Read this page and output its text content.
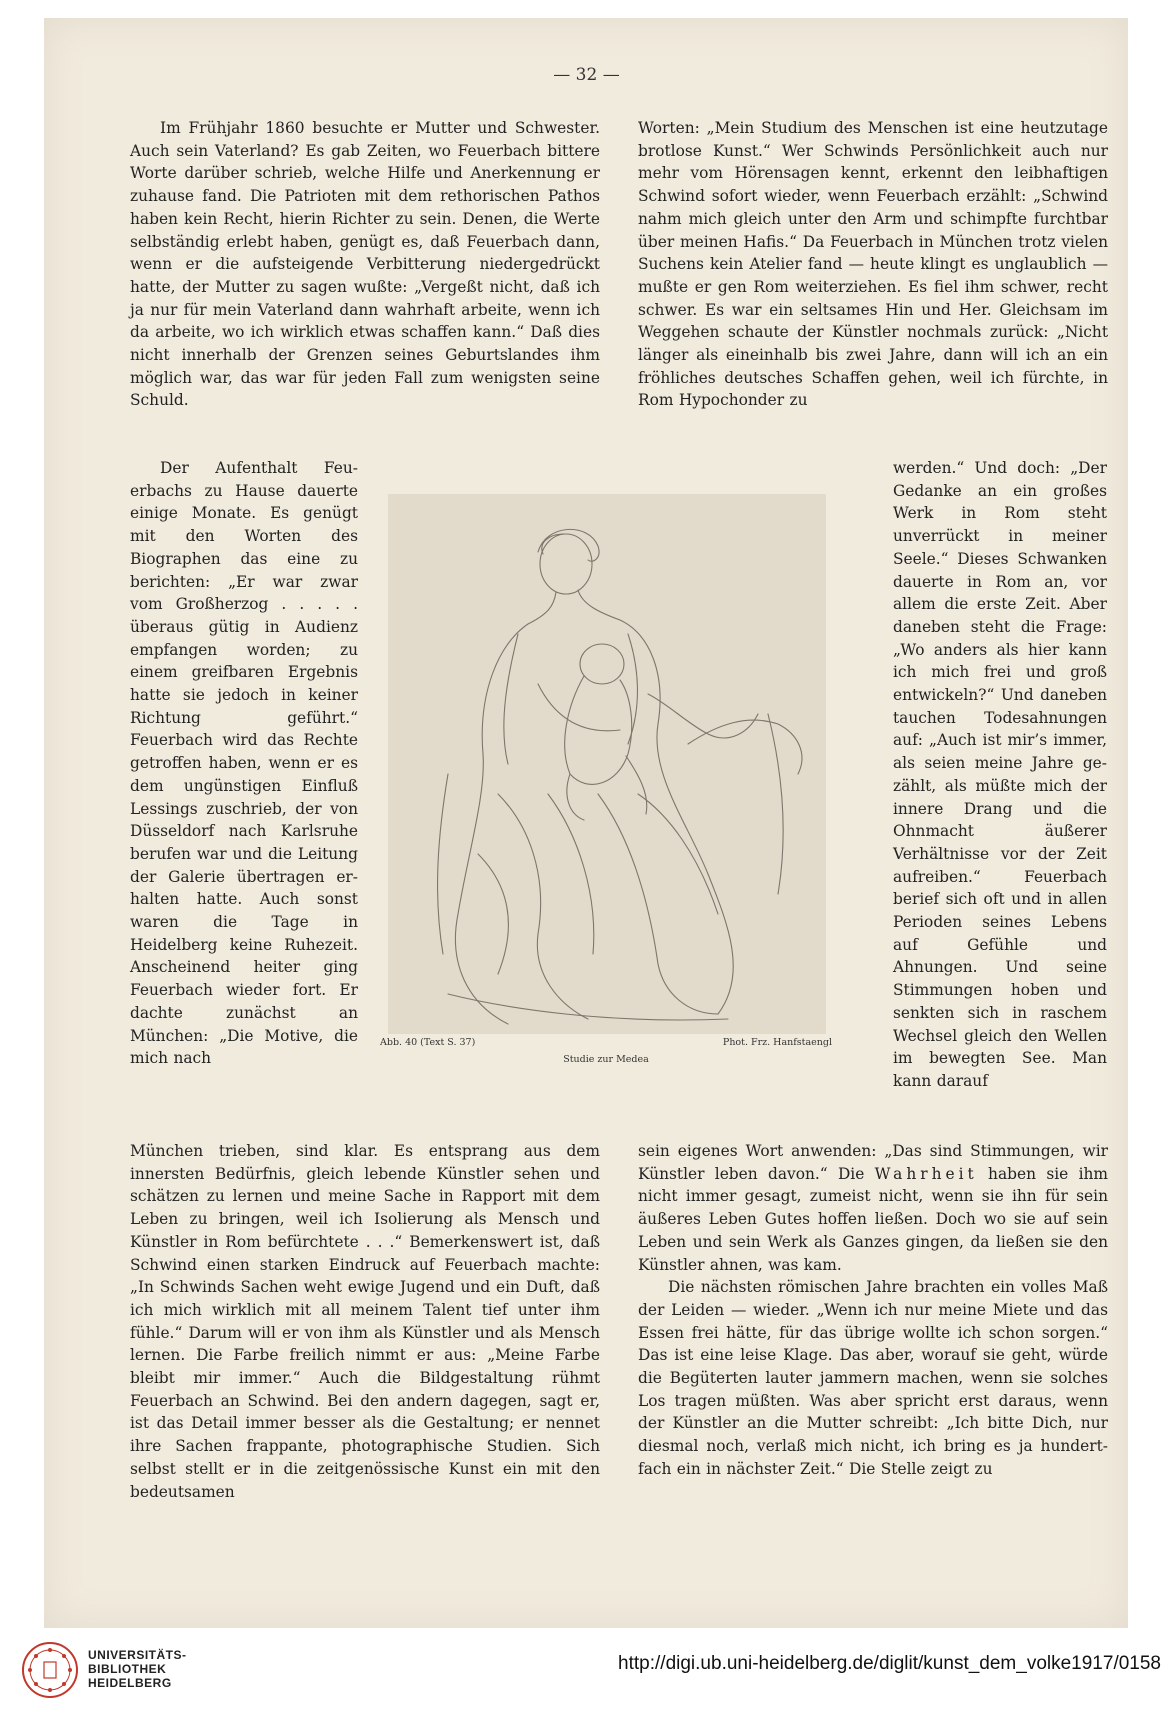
— 32 —

Im Frühjahr 1860 besuchte er Mutter und Schwester. Auch sein Vaterland? Es gab Zeiten, wo Feuerbach bittere Worte darüber schrieb, welche Hilfe und Anerkennung er zuhause fand. Die Patrioten mit dem rethorischen Pathos haben kein Recht, hierin Richter zu sein. Denen, die Werte selbständig erlebt haben, genügt es, daß Feuerbach dann, wenn er die aufsteigende Verbitterung niedergedrückt hatte, der Mutter zu sagen wußte: „Vergeßt nicht, daß ich ja nur für mein Vaterland dann wahrhaft arbeite, wenn ich da arbeite, wo ich wirklich etwas schaffen kann.“ Daß dies nicht innerhalb der Grenzen seines Geburtslandes ihm möglich war, das war für jeden Fall zum wenigsten seine Schuld.

Der Aufenthalt Feuerbachs zu Hause dauerte einige Monate. Es genügt mit den Worten des Biographen das eine zu berichten: „Er war zwar vom Großherzog . . . . . überaus gütig in Audienz empfangen worden; zu einem greifbaren Ergebnis hatte sie jedoch in keiner Richtung geführt.“ Feuerbach wird das Rechte getroffen haben, wenn er es dem ungünstigen Einfluß Lessings zuschrieb, der von Düsseldorf nach Karlsruhe berufen war und die Leitung der Galerie übertragen erhalten hatte. Auch sonst waren die Tage in Heidelberg keine Ruhezeit. Anscheinend heiter ging Feuerbach wieder fort. Er dachte zunächst an München: „Die Motive, die mich nach

München trieben, sind klar. Es entsprang aus dem innersten Bedürfnis, gleich lebende Künstler sehen und schätzen zu lernen und meine Sache in Rapport mit dem Leben zu bringen, weil ich Isolierung als Mensch und Künstler in Rom befürchtete . . .“ Bemerkenswert ist, daß Schwind einen starken Eindruck auf Feuerbach machte: „In Schwinds Sachen weht ewige Jugend und ein Duft, daß ich mich wirklich mit all meinem Talent tief unter ihm fühle.“ Darum will er von ihm als Künstler und als Mensch lernen. Die Farbe freilich nimmt er aus: „Meine Farbe bleibt mir immer.“ Auch die Bildgestaltung rühmt Feuerbach an Schwind. Bei den andern dagegen, sagt er, ist das Detail immer besser als die Gestaltung; er nennet ihre Sachen frappante, photographische Studien. Sich selbst stellt er in die zeitgenössische Kunst ein mit den bedeutsamen

Worten: „Mein Studium des Menschen ist eine heutzutage brotlose Kunst.“ Wer Schwinds Persönlichkeit auch nur mehr vom Hörensagen kennt, erkennt den leibhaftigen Schwind sofort wieder, wenn Feuerbach erzählt: „Schwind nahm mich gleich unter den Arm und schimpfte furchtbar über meinen Hafis.“ Da Feuerbach in München trotz vielen Suchens kein Atelier fand — heute klingt es unglaublich — mußte er gen Rom weiterziehen. Es fiel ihm schwer, recht schwer. Es war ein seltsames Hin und Her. Gleichsam im Weggehen schaute der Künstler nochmals zurück: „Nicht länger als eineinhalb bis zwei Jahre, dann will ich an ein fröhliches deutsches Schaffen gehen, weil ich fürchte, in Rom Hypochonder zu

werden.“ Und doch: „Der Gedanke an ein großes Werk in Rom steht unverrückt in meiner Seele.“ Dieses Schwanken dauerte in Rom an, vor allem die erste Zeit. Aber daneben steht die Frage: „Wo anders als hier kann ich mich frei und groß entwickeln?“ Und daneben tauchen Todesahnungen auf: „Auch ist mir’s immer, als seien meine Jahre gezählt, als müßte mich der innere Drang und die Ohnmacht äußerer Verhältnisse vor der Zeit aufreiben.“ Feuerbach berief sich oft und in allen Perioden seines Lebens auf Gefühle und Ahnungen. Und seine Stimmungen hoben und senkten sich in raschem Wechsel gleich den Wellen im bewegten See. Man kann darauf

sein eigenes Wort anwenden: „Das sind Stimmungen, wir Künstler leben davon.“ Die Wahrheit haben sie ihm nicht immer gesagt, zumeist nicht, wenn sie ihn für sein äußeres Leben Gutes hoffen ließen. Doch wo sie auf sein Leben und sein Werk als Ganzes gingen, da ließen sie den Künstler ahnen, was kam.

Die nächsten römischen Jahre brachten ein volles Maß der Leiden — wieder. „Wenn ich nur meine Miete und das Essen frei hätte, für das übrige wollte ich schon sorgen.“ Das ist eine leise Klage. Das aber, worauf sie geht, würde die Begüterten lauter jammern machen, wenn sie solches Los tragen müßten. Was aber spricht erst daraus, wenn der Künstler an die Mutter schreibt: „Ich bitte Dich, nur diesmal noch, verlaß mich nicht, ich bring es ja hundertfach ein in nächster Zeit.“ Die Stelle zeigt zu

Abb. 40 (Text S. 37)	Phot. Frz. Hanfstaengl
Studie zur Medea
UNIVERSITÄTS-
BIBLIOTHEK
HEIDELBERG
http://digi.ub.uni-heidelberg.de/diglit/kunst_dem_volke1917/0158
